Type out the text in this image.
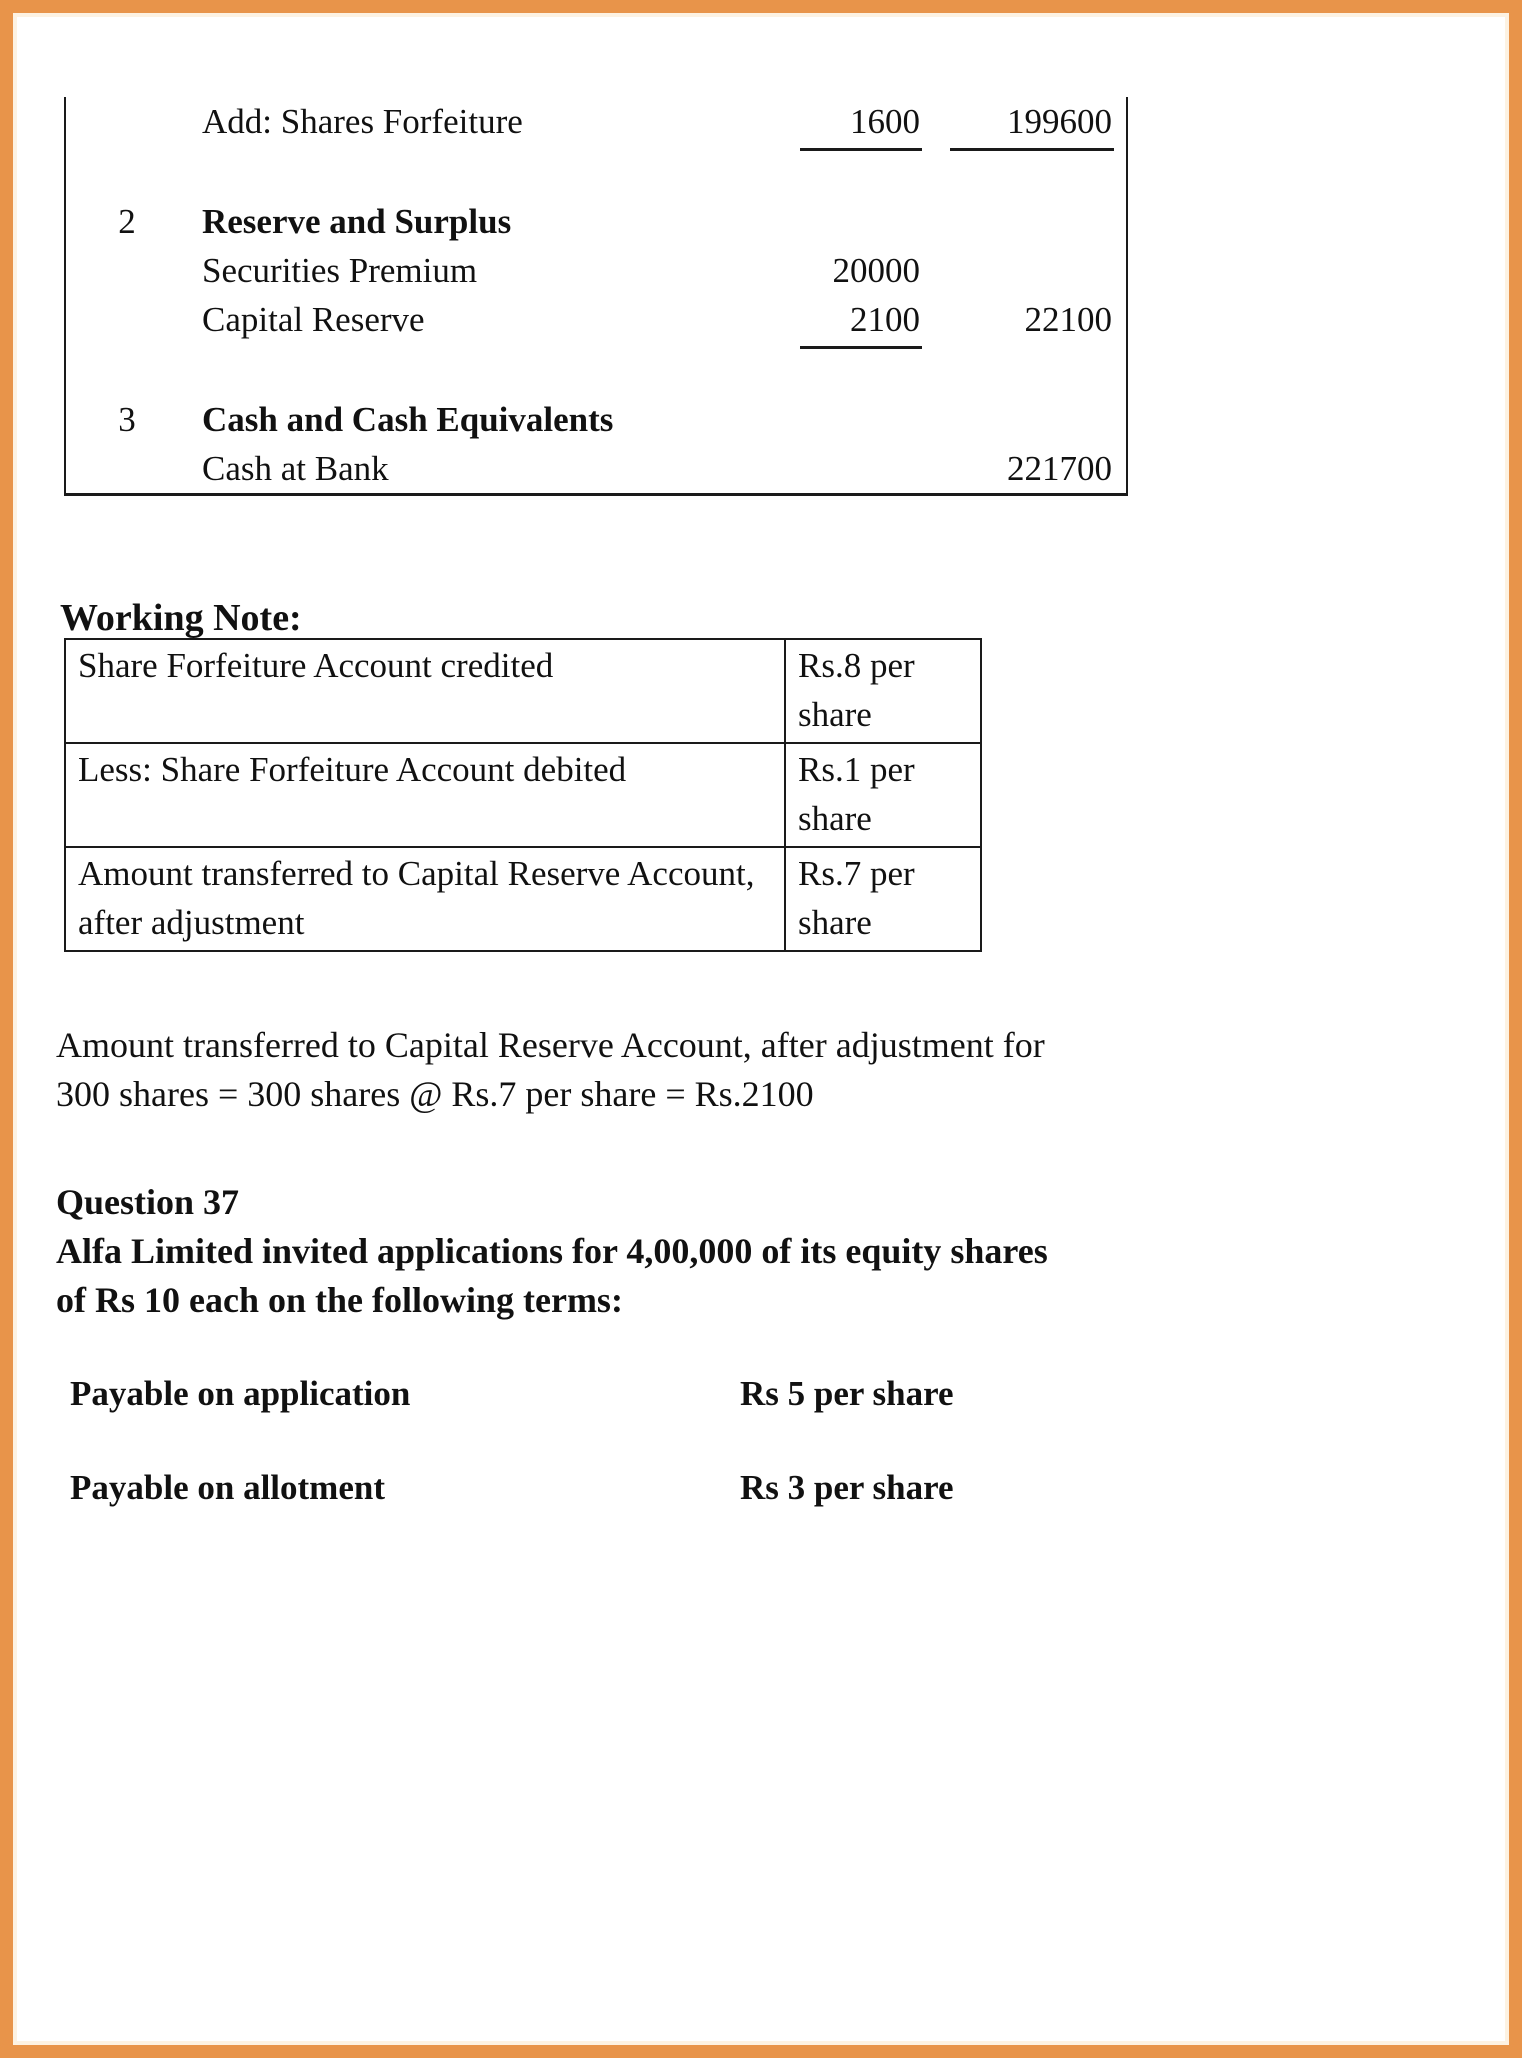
	Add: Shares Forfeiture	1600	199600

2	Reserve and Surplus		
	Securities Premium	20000	
	Capital Reserve	2100	22100

3	Cash and Cash Equivalents		
	Cash at Bank		221700
Working Note:
Share Forfeiture Account credited	Rs.8 per share
Less: Share Forfeiture Account debited	Rs.1 per share
Amount transferred to Capital Reserve Account, after adjustment	Rs.7 per share

Amount transferred to Capital Reserve Account, after adjustment for 300 shares = 300 shares @ Rs.7 per share = Rs.2100

Question 37

Alfa Limited invited applications for 4,00,000 of its equity shares of Rs 10 each on the following terms:

Payable on application	Rs 5 per share
Payable on allotment	Rs 3 per share
